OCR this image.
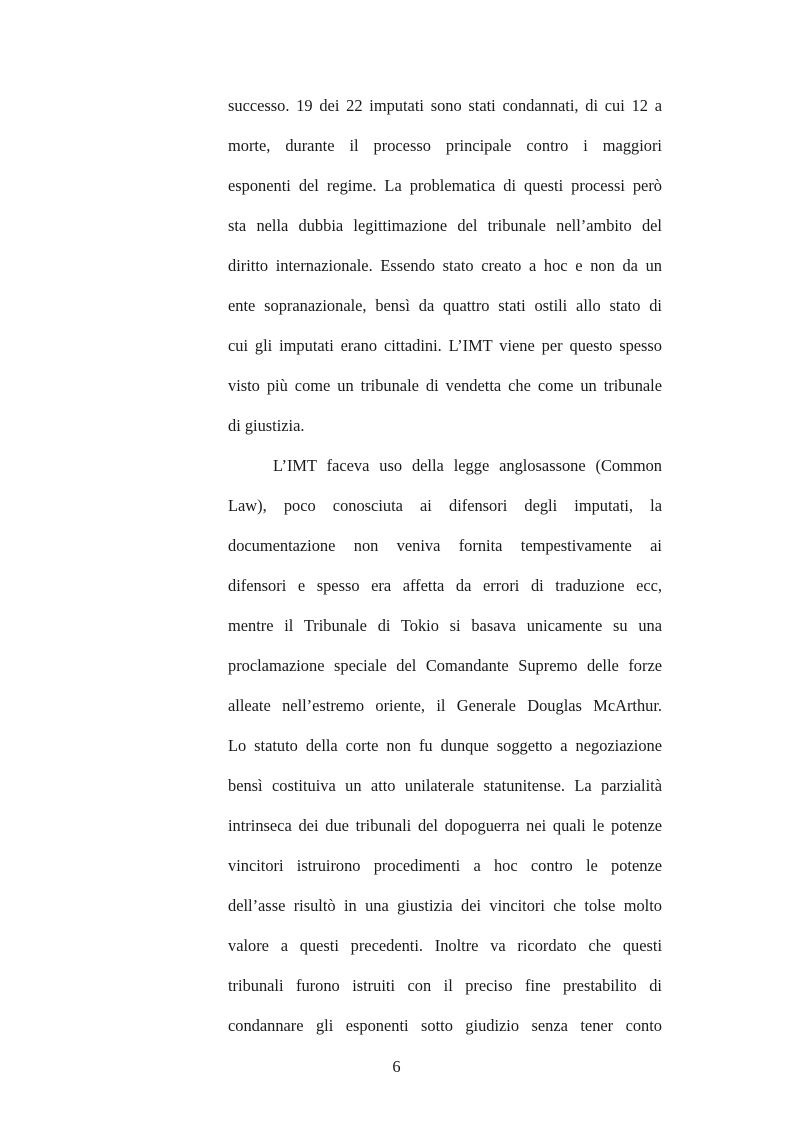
successo. 19 dei 22 imputati sono stati condannati, di cui 12 a
morte, durante il processo principale contro i maggiori
esponenti del regime. La problematica di questi processi però
sta nella dubbia legittimazione del tribunale nell’ambito del
diritto internazionale. Essendo stato creato a hoc e non da un
ente sopranazionale, bensì da quattro stati ostili allo stato di
cui gli imputati erano cittadini. L’IMT viene per questo spesso
visto più come un tribunale di vendetta che come un tribunale
di giustizia.
L’IMT faceva uso della legge anglosassone (Common
Law), poco conosciuta ai difensori degli imputati, la
documentazione non veniva fornita tempestivamente ai
difensori e spesso era affetta da errori di traduzione ecc,
mentre il Tribunale di Tokio si basava unicamente su una
proclamazione speciale del Comandante Supremo delle forze
alleate nell’estremo oriente, il Generale Douglas McArthur.
Lo statuto della corte non fu dunque soggetto a negoziazione
bensì costituiva un atto unilaterale statunitense. La parzialità
intrinseca dei due tribunali del dopoguerra nei quali le potenze
vincitori istruirono procedimenti a hoc contro le potenze
dell’asse risultò in una giustizia dei vincitori che tolse molto
valore a questi precedenti. Inoltre va ricordato che questi
tribunali furono istruiti con il preciso fine prestabilito di
condannare gli esponenti sotto giudizio senza tener conto
6
